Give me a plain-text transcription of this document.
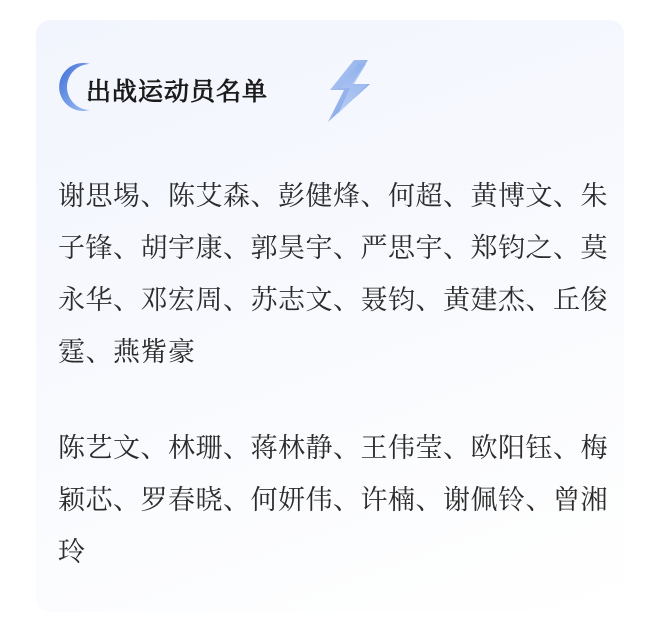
出战运动员名单
谢思埸、陈艾森、彭健烽、何超、黄博文、朱子锋、胡宇康、郭昊宇、严思宇、郑钧之、莫永华、邓宏周、苏志文、聂钧、黄建杰、丘俊霆、燕觜豪
陈艺文、林珊、蒋林静、王伟莹、欧阳钰、梅颖芯、罗春晓、何妍伟、许楠、谢佩铃、曾湘玲
